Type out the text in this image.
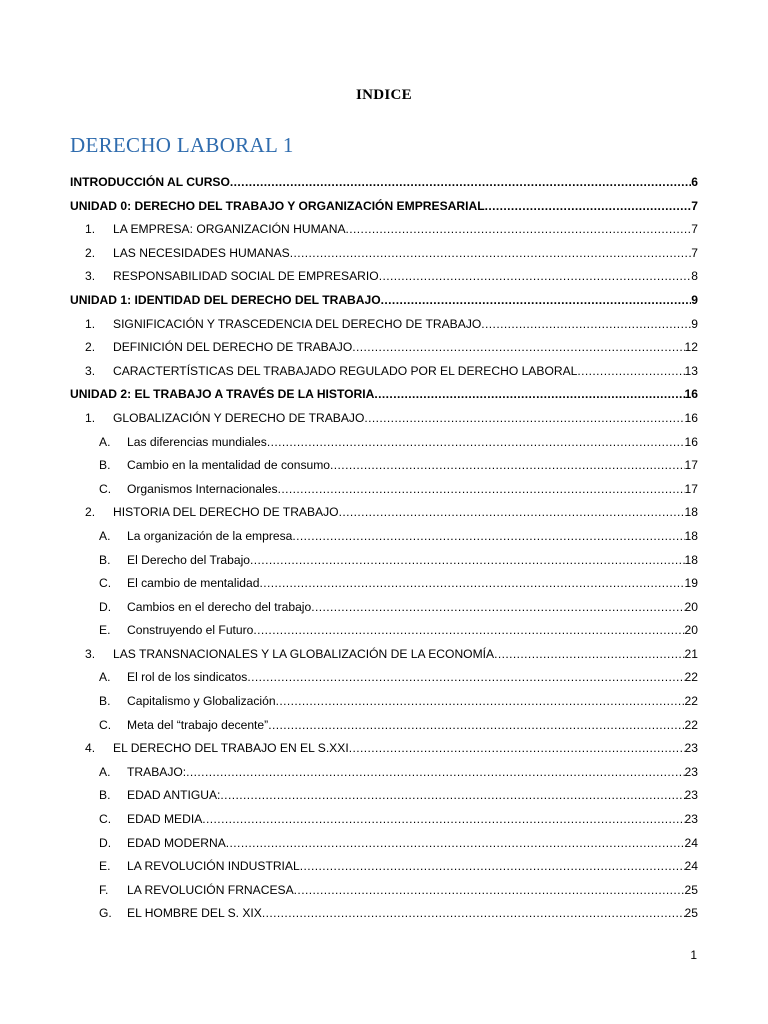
INDICE
DERECHO LABORAL 1
INTRODUCCIÓN AL CURSO .....	6
UNIDAD 0: DERECHO DEL TRABAJO Y ORGANIZACIÓN EMPRESARIAL .....	7
1.	LA EMPRESA: ORGANIZACIÓN HUMANA .....	7
2.	LAS NECESIDADES HUMANAS .....	7
3.	RESPONSABILIDAD SOCIAL DE EMPRESARIO .....	8
UNIDAD 1: IDENTIDAD DEL DERECHO DEL TRABAJO .....	9
1.	SIGNIFICACIÓN Y TRASCEDENCIA DEL DERECHO DE TRABAJO .....	9
2.	DEFINICIÓN DEL DERECHO DE TRABAJO .....	12
3.	CARACTERTÍSTICAS DEL TRABAJADO REGULADO POR EL DERECHO LABORAL .....	13
UNIDAD 2: EL TRABAJO A TRAVÉS DE LA HISTORIA .....	16
1.	GLOBALIZACIÓN Y DERECHO DE TRABAJO .....	16
A.	Las diferencias mundiales .....	16
B.	Cambio en la mentalidad de consumo .....	17
C.	Organismos Internacionales .....	17
2.	HISTORIA DEL DERECHO DE TRABAJO .....	18
A.	La organización de la empresa .....	18
B.	El Derecho del Trabajo .....	18
C.	El cambio de mentalidad .....	19
D.	Cambios en el derecho del trabajo .....	20
E.	Construyendo el Futuro .....	20
3.	LAS TRANSNACIONALES Y LA GLOBALIZACIÓN DE LA ECONOMÍA .....	21
A.	El rol de los sindicatos .....	22
B.	Capitalismo y Globalización .....	22
C.	Meta del “trabajo decente” .....	22
4.	EL DERECHO DEL TRABAJO EN EL S.XXI .....	23
A.	TRABAJO: .....	23
B.	EDAD ANTIGUA: .....	23
C.	EDAD MEDIA .....	23
D.	EDAD MODERNA .....	24
E.	LA REVOLUCIÓN INDUSTRIAL .....	24
F.	LA REVOLUCIÓN FRNACESA .....	25
G.	EL HOMBRE DEL S. XIX .....	25
1
